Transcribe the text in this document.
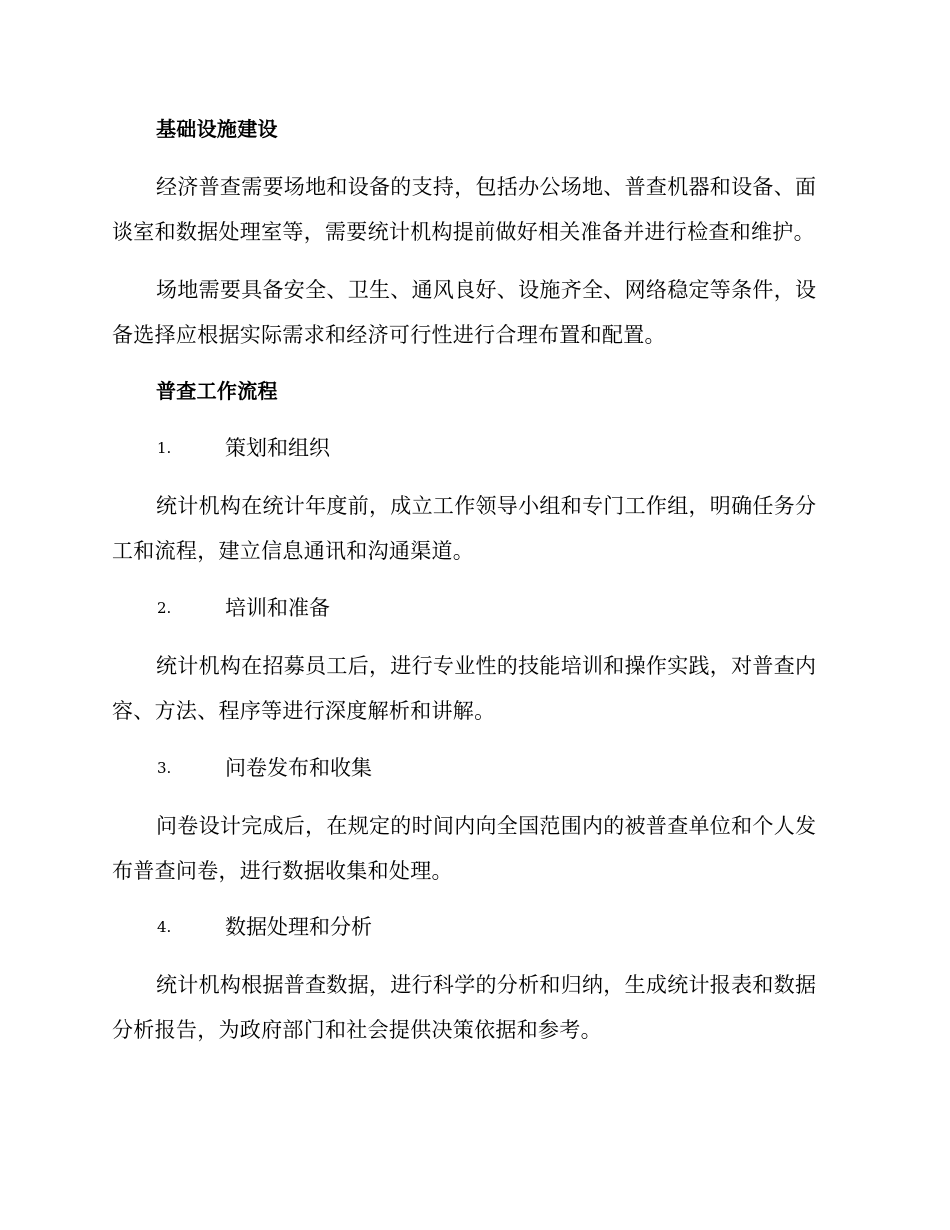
基础设施建设
经济普查需要场地和设备的支持，包括办公场地、普查机器和设备、面
谈室和数据处理室等，需要统计机构提前做好相关准备并进行检查和维护。
场地需要具备安全、卫生、通风良好、设施齐全、网络稳定等条件，设
备选择应根据实际需求和经济可行性进行合理布置和配置。
普查工作流程
1.	策划和组织
统计机构在统计年度前，成立工作领导小组和专门工作组，明确任务分
工和流程，建立信息通讯和沟通渠道。
2.	培训和准备
统计机构在招募员工后，进行专业性的技能培训和操作实践，对普查内
容、方法、程序等进行深度解析和讲解。
3.	问卷发布和收集
问卷设计完成后，在规定的时间内向全国范围内的被普查单位和个人发
布普查问卷，进行数据收集和处理。
4.	数据处理和分析
统计机构根据普查数据，进行科学的分析和归纳，生成统计报表和数据
分析报告，为政府部门和社会提供决策依据和参考。
